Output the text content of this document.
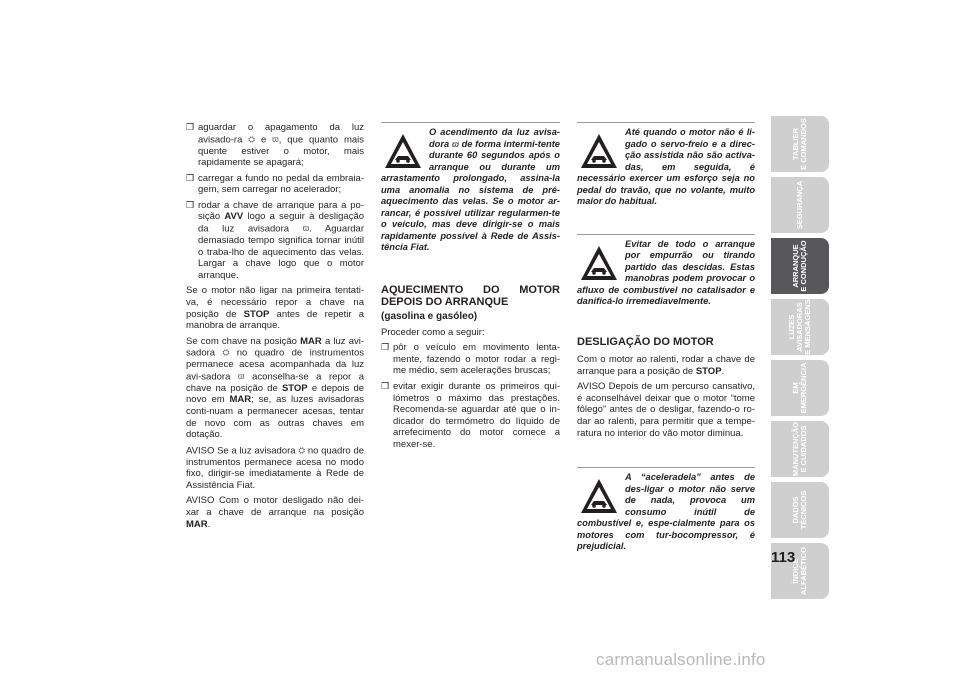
❒ aguardar o apagamento da luz avisado-ra ⛭ e ϖ, que quanto mais quente estiver o motor, mais rapidamente se apagará;
❒ carregar a fundo no pedal da embraia-gem, sem carregar no acelerador;
❒ rodar a chave de arranque para a po-sição AVV logo a seguir à desligação da luz avisadora ϖ. Aguardar demasiado tempo significa tornar inútil o traba-lho de aquecimento das velas. Largar a chave logo que o motor arranque.

Se o motor não ligar na primeira tentati-va, é necessário repor a chave na posição de STOP antes de repetir a manobra de arranque.

Se com chave na posição MAR a luz avi-sadora ⛭ no quadro de instrumentos permanece acesa acompanhada da luz avi-sadora ϖ aconselha-se a repor a chave na posição de STOP e depois de novo em MAR; se, as luzes avisadoras conti-nuam a permanecer acesas, tentar de novo com as outras chaves em dotação.

AVISO Se a luz avisadora ⛭ no quadro de instrumentos permanece acesa no modo fixo, dirigir-se imediatamente à Rede de Assistência Fiat.

AVISO Com o motor desligado não dei-xar a chave de arranque na posição MAR.

O acendimento da luz avisa-dora ϖ de forma intermi-tente durante 60 segundos após o arranque ou durante um arrastamento prolongado, assina-la uma anomalia no sistema de pré-aquecimento das velas. Se o motor ar-rancar, é possível utilizar regularmen-te o veículo, mas deve dirigir-se o mais rapidamente possível à Rede de Assis-tência Fiat.
AQUECIMENTO DO MOTOR DEPOIS DO ARRANQUE
(gasolina e gasóleo)

Proceder como a seguir:

❒ pôr o veículo em movimento lenta-mente, fazendo o motor rodar a regi-me médio, sem acelerações bruscas;
❒ evitar exigir durante os primeiros qui-lómetros o máximo das prestações. Recomenda-se aguardar até que o in-dicador do termómetro do líquido de arrefecimento do motor comece a mexer-se.
Até quando o motor não é li-gado o servo-freio e a direc-ção assistida não são activa-das, em seguida, é necessário exercer um esforço seja no pedal do travão, que no volante, muito maior do habitual.
Evitar de todo o arranque por empurrão ou tirando partido das descidas. Estas manobras podem provocar o afluxo de combustível no catalisador e danificá-lo irremediavelmente.
DESLIGAÇÃO DO MOTOR

Com o motor ao ralenti, rodar a chave de arranque para a posição de STOP.

AVISO Depois de um percurso cansativo, é aconselhável deixar que o motor “tome fôlego” antes de o desligar, fazendo-o ro-dar ao ralenti, para permitir que a tempe-ratura no interior do vão motor diminua.

A “aceleradela” antes de des-ligar o motor não serve de nada, provoca um consumo inútil de combustível e, espe-cialmente para os motores com tur-bocompressor, é prejudicial.
TABLIER
E COMANDOS
SEGURANÇA
ARRANQUE
E CONDUÇÃO
LUZES
AVISADORAS
E MENSAGENS
EM
EMERGÊNCIA
MANUTENÇÃO
E CUIDADOS
DADOS
TÉCNICOS
ÍNDICE
ALFABÉTICO
113
carmanualsonline.info
